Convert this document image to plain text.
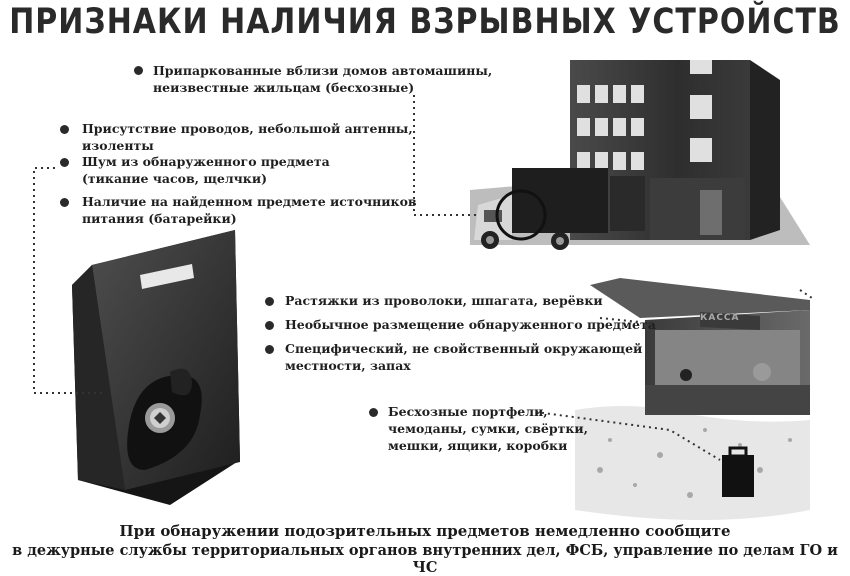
ПРИЗНАКИ НАЛИЧИЯ ВЗРЫВНЫХ УСТРОЙСТВ
КАССА
Припаркованные вблизи домов автомашины,
неизвестные жильцам (бесхозные)
Присутствие проводов, небольшой антенны,
изоленты
Шум из обнаруженного предмета
(тикание часов, щелчки)
Наличие на найденном предмете источников
питания (батарейки)
Растяжки из проволоки, шпагата, верёвки
Необычное размещение обнаруженного предмета
Специфический, не свойственный окружающей
местности, запах
Бесхозные портфели,
чемоданы, сумки, свёртки,
мешки, ящики, коробки
При обнаружении подозрительных предметов немедленно сообщите
в дежурные службы территориальных органов внутренних дел, ФСБ, управление по делам ГО и ЧС
